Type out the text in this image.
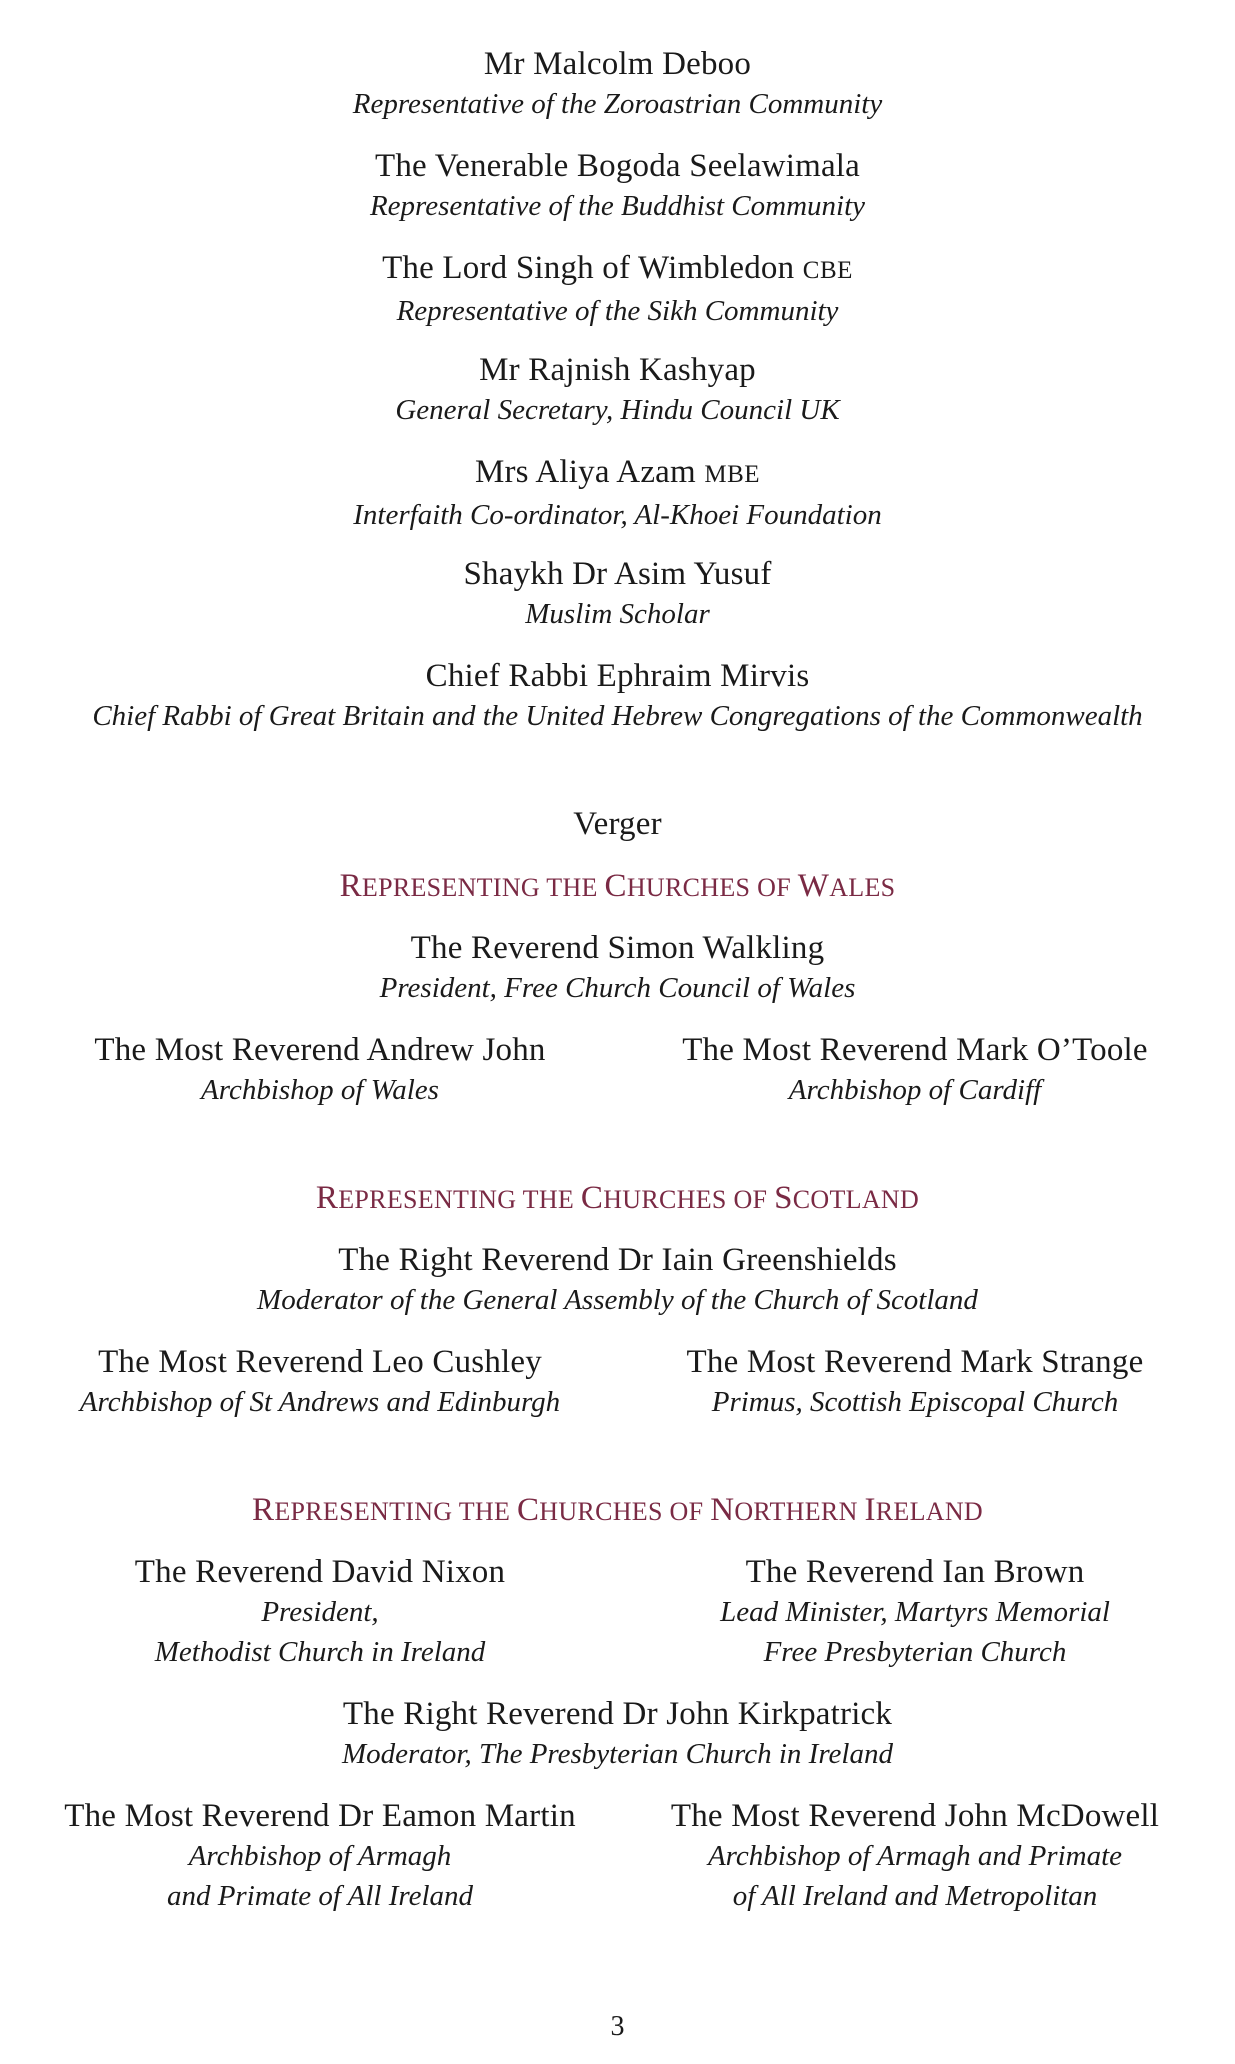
Mr Malcolm Deboo
Representative of the Zoroastrian Community
The Venerable Bogoda Seelawimala
Representative of the Buddhist Community
The Lord Singh of Wimbledon CBE
Representative of the Sikh Community
Mr Rajnish Kashyap
General Secretary, Hindu Council UK
Mrs Aliya Azam MBE
Interfaith Co-ordinator, Al-Khoei Foundation
Shaykh Dr Asim Yusuf
Muslim Scholar
Chief Rabbi Ephraim Mirvis
Chief Rabbi of Great Britain and the United Hebrew Congregations of the Commonwealth
Verger
REPRESENTING THE CHURCHES OF WALES
The Reverend Simon Walkling
President, Free Church Council of Wales
The Most Reverend Andrew John
Archbishop of Wales
The Most Reverend Mark O’Toole
Archbishop of Cardiff
REPRESENTING THE CHURCHES OF SCOTLAND
The Right Reverend Dr Iain Greenshields
Moderator of the General Assembly of the Church of Scotland
The Most Reverend Leo Cushley
Archbishop of St Andrews and Edinburgh
The Most Reverend Mark Strange
Primus, Scottish Episcopal Church
REPRESENTING THE CHURCHES OF NORTHERN IRELAND
The Reverend David Nixon
President,
Methodist Church in Ireland
The Reverend Ian Brown
Lead Minister, Martyrs Memorial
Free Presbyterian Church
The Right Reverend Dr John Kirkpatrick
Moderator, The Presbyterian Church in Ireland
The Most Reverend Dr Eamon Martin
Archbishop of Armagh
and Primate of All Ireland
The Most Reverend John McDowell
Archbishop of Armagh and Primate
of All Ireland and Metropolitan
3
